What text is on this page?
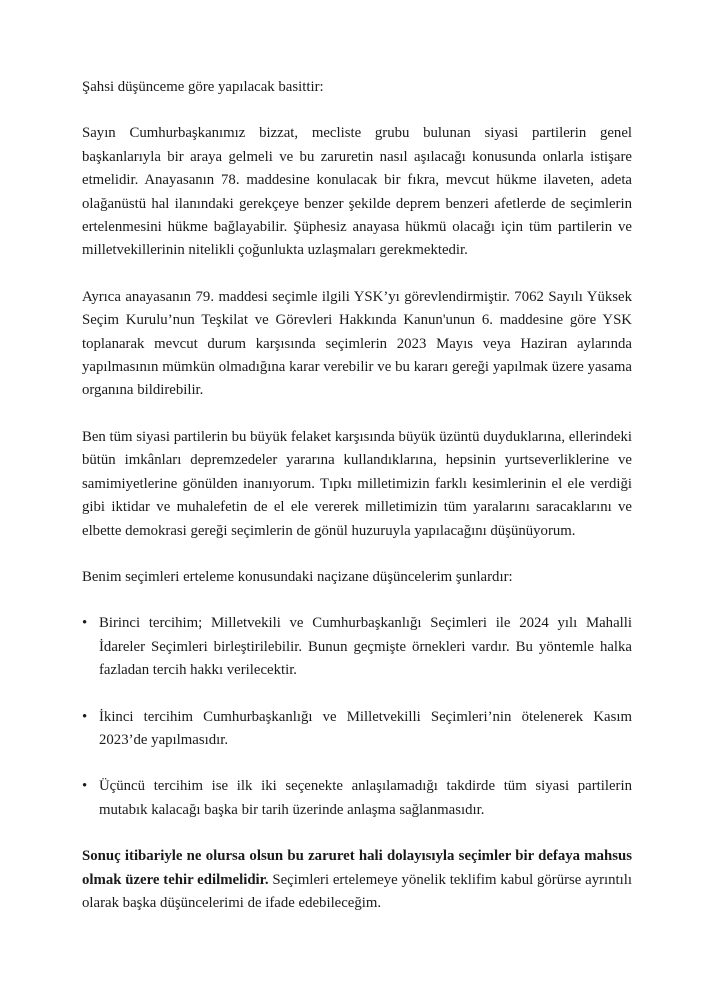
Şahsi düşünceme göre yapılacak basittir:

Sayın Cumhurbaşkanımız bizzat, mecliste grubu bulunan siyasi partilerin genel başkanlarıyla bir araya gelmeli ve bu zaruretin nasıl aşılacağı konusunda onlarla istişare etmelidir. Anayasanın 78. maddesine konulacak bir fıkra, mevcut hükme ilaveten, adeta olağanüstü hal ilanındaki gerekçeye benzer şekilde deprem benzeri afetlerde de seçimlerin ertelenmesini hükme bağlayabilir. Şüphesiz anayasa hükmü olacağı için tüm partilerin ve milletvekillerinin nitelikli çoğunlukta uzlaşmaları gerekmektedir.

Ayrıca anayasanın 79. maddesi seçimle ilgili YSK’yı görevlendirmiştir. 7062 Sayılı Yüksek Seçim Kurulu’nun Teşkilat ve Görevleri Hakkında Kanun'unun 6. maddesine göre YSK toplanarak mevcut durum karşısında seçimlerin 2023 Mayıs veya Haziran aylarında yapılmasının mümkün olmadığına karar verebilir ve bu kararı gereği yapılmak üzere yasama organına bildirebilir.

Ben tüm siyasi partilerin bu büyük felaket karşısında büyük üzüntü duyduklarına, ellerindeki bütün imkânları depremzedeler yararına kullandıklarına, hepsinin yurtseverliklerine ve samimiyetlerine gönülden inanıyorum. Tıpkı milletimizin farklı kesimlerinin el ele verdiği gibi iktidar ve muhalefetin de el ele vererek milletimizin tüm yaralarını saracaklarını ve elbette demokrasi gereği seçimlerin de gönül huzuruyla yapılacağını düşünüyorum.

Benim seçimleri erteleme konusundaki naçizane düşüncelerim şunlardır:

• Birinci tercihim; Milletvekili ve Cumhurbaşkanlığı Seçimleri ile 2024 yılı Mahalli İdareler Seçimleri birleştirilebilir. Bunun geçmişte örnekleri vardır. Bu yöntemle halka fazladan tercih hakkı verilecektir.
• İkinci tercihim Cumhurbaşkanlığı ve Milletvekilli Seçimleri’nin ötelenerek Kasım 2023’de yapılmasıdır.
• Üçüncü tercihim ise ilk iki seçenekte anlaşılamadığı takdirde tüm siyasi partilerin mutabık kalacağı başka bir tarih üzerinde anlaşma sağlanmasıdır.

Sonuç itibariyle ne olursa olsun bu zaruret hali dolayısıyla seçimler bir defaya mahsus olmak üzere tehir edilmelidir. Seçimleri ertelemeye yönelik teklifim kabul görürse ayrıntılı olarak başka düşüncelerimi de ifade edebileceğim.
